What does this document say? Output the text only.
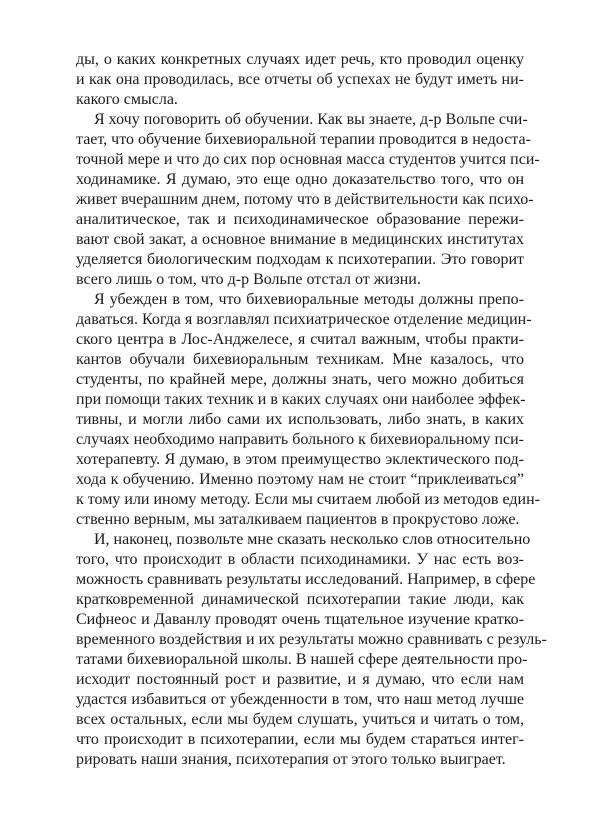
ды, о каких конкретных случаях идет речь, кто проводил оценку
и как она проводилась, все отчеты об успехах не будут иметь ни-
какого смысла.
Я хочу поговорить об обучении. Как вы знаете, д-р Вольпе счи-
тает, что обучение бихевиоральной терапии проводится в недоста-
точной мере и что до сих пор основная масса студентов учится пси-
ходинамике. Я думаю, это еще одно доказательство того, что он
живет вчерашним днем, потому что в действительности как психо-
аналитическое, так и психодинамическое образование пережи-
вают свой закат, а основное внимание в медицинских институтах
уделяется биологическим подходам к психотерапии. Это говорит
всего лишь о том, что д-р Вольпе отстал от жизни.
Я убежден в том, что бихевиоральные методы должны препо-
даваться. Когда я возглавлял психиатрическое отделение медицин-
ского центра в Лос-Анджелесе, я считал важным, чтобы практи-
кантов обучали бихевиоральным техникам. Мне казалось, что
студенты, по крайней мере, должны знать, чего можно добиться
при помощи таких техник и в каких случаях они наиболее эффек-
тивны, и могли либо сами их использовать, либо знать, в каких
случаях необходимо направить больного к бихевиоральному пси-
хотерапевту. Я думаю, в этом преимущество эклектического под-
хода к обучению. Именно поэтому нам не стоит “приклеиваться”
к тому или иному методу. Если мы считаем любой из методов един-
ственно верным, мы заталкиваем пациентов в прокрустово ложе.
И, наконец, позвольте мне сказать несколько слов относительно
того, что происходит в области психодинамики. У нас есть воз-
можность сравнивать результаты исследований. Например, в сфере
кратковременной динамической психотерапии такие люди, как
Сифнеос и Даванлу проводят очень тщательное изучение кратко-
временного воздействия и их результаты можно сравнивать с резуль-
татами бихевиоральной школы. В нашей сфере деятельности про-
исходит постоянный рост и развитие, и я думаю, что если нам
удастся избавиться от убежденности в том, что наш метод лучше
всех остальных, если мы будем слушать, учиться и читать о том,
что происходит в психотерапии, если мы будем стараться интег-
рировать наши знания, психотерапия от этого только выиграет.
